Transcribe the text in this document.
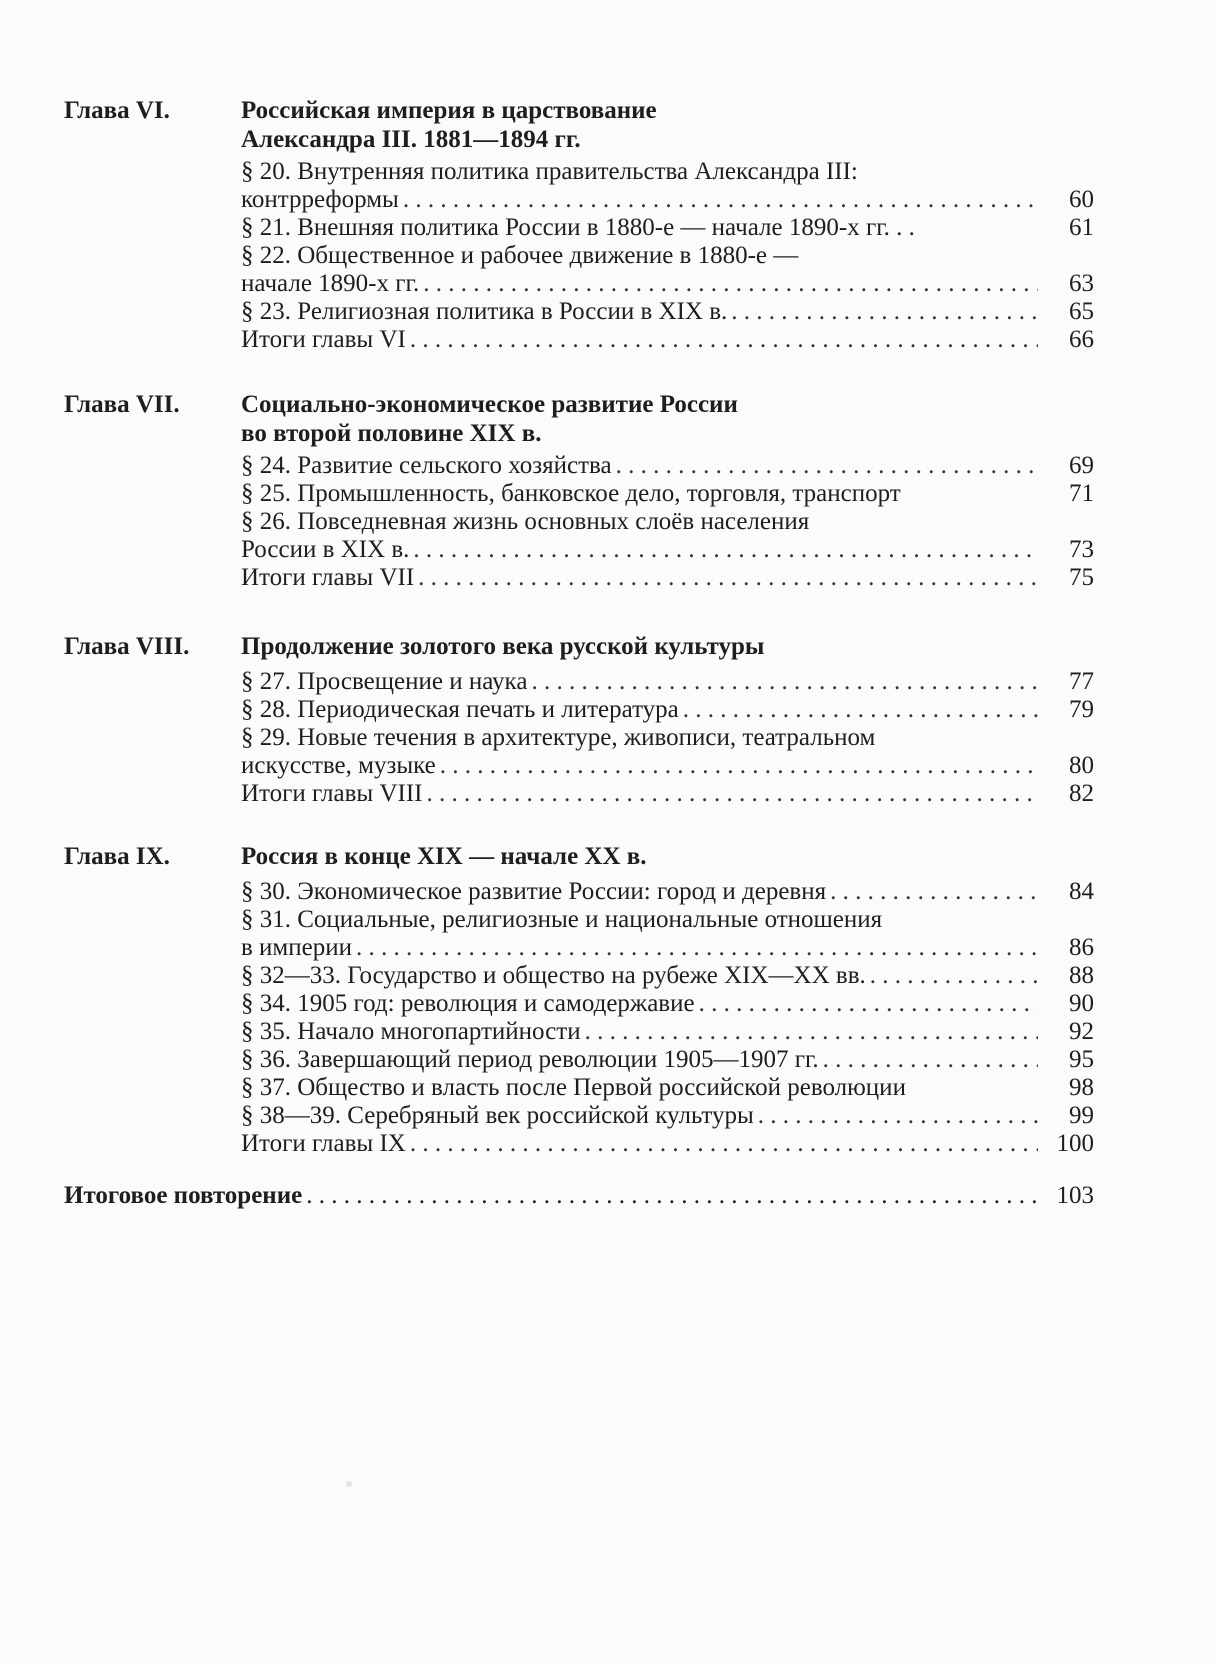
Глава VI.	Российская империя в царствование
Александра III. 1881—1894 гг.
§ 20. Внутренняя политика правительства Александра III:
контрреформы . . .	60
§ 21. Внешняя политика России в 1880-е — начале 1890-х гг. . .	61
§ 22. Общественное и рабочее движение в 1880-е —
начале 1890-х гг. . . .	63
§ 23. Религиозная политика в России в XIX в. . . .	65
Итоги главы VI . . .	66
Глава VII. Социально-экономическое развитие России
во второй половине XIX в.
§ 24. Развитие сельского хозяйства . . .	69
§ 25. Промышленность, банковское дело, торговля, транспорт	71
§ 26. Повседневная жизнь основных слоёв населения
России в XIX в. . . .	73
Итоги главы VII . . .	75
Глава VIII. Продолжение золотого века русской культуры
§ 27. Просвещение и наука . . .	77
§ 28. Периодическая печать и литература . . .	79
§ 29. Новые течения в архитектуре, живописи, театральном
искусстве, музыке . . .	80
Итоги главы VIII . . .	82
Глава IX.	Россия в конце XIX — начале XX в.
§ 30. Экономическое развитие России: город и деревня . . .	84
§ 31. Социальные, религиозные и национальные отношения
в империи . . .	86
§ 32—33. Государство и общество на рубеже XIX—XX вв. . . .	88
§ 34. 1905 год: революция и самодержавие . . .	90
§ 35. Начало многопартийности . . .	92
§ 36. Завершающий период революции 1905—1907 гг. . . .	95
§ 37. Общество и власть после Первой российской революции	98
§ 38—39. Серебряный век российской культуры . . .	99
Итоги главы IX . . .	100
Итоговое повторение . . .	103
